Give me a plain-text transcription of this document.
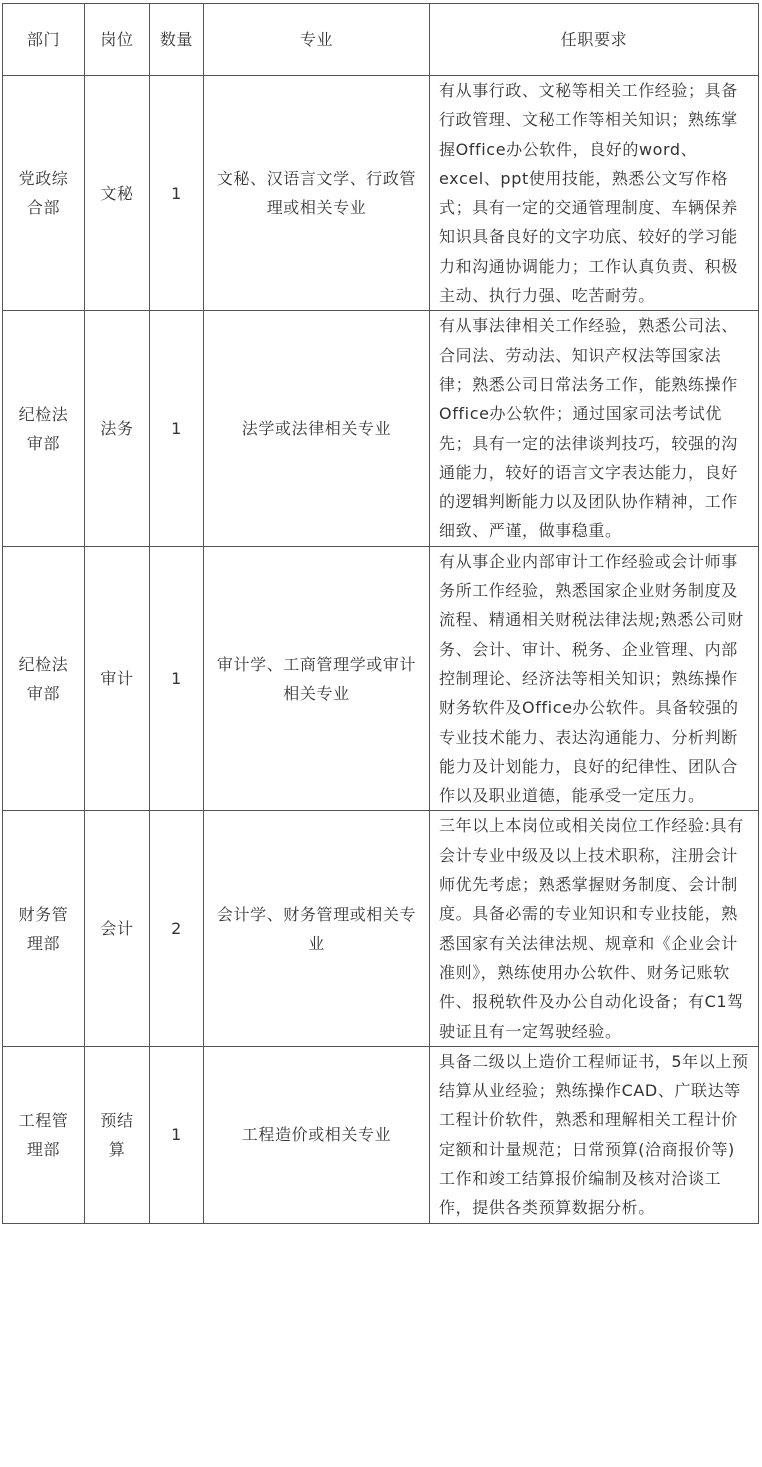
部门	岗位	数量	专业	任职要求
党政综合部	文秘	1	文秘、汉语言文学、行政管理或相关专业	有从事行政、文秘等相关工作经验；具备行政管理、文秘工作等相关知识；熟练掌握Office办公软件，良好的word、excel、ppt使用技能，熟悉公文写作格式；具有一定的交通管理制度、车辆保养知识具备良好的文字功底、较好的学习能力和沟通协调能力；工作认真负责、积极主动、执行力强、吃苦耐劳。
纪检法审部	法务	1	法学或法律相关专业	有从事法律相关工作经验，熟悉公司法、合同法、劳动法、知识产权法等国家法律；熟悉公司日常法务工作，能熟练操作Office办公软件；通过国家司法考试优先；具有一定的法律谈判技巧，较强的沟通能力，较好的语言文字表达能力，良好的逻辑判断能力以及团队协作精神，工作细致、严谨，做事稳重。
纪检法审部	审计	1	审计学、工商管理学或审计相关专业	有从事企业内部审计工作经验或会计师事务所工作经验，熟悉国家企业财务制度及流程、精通相关财税法律法规;熟悉公司财务、会计、审计、税务、企业管理、内部控制理论、经济法等相关知识；熟练操作财务软件及Office办公软件。具备较强的专业技术能力、表达沟通能力、分析判断能力及计划能力，良好的纪律性、团队合作以及职业道德，能承受一定压力。
财务管理部	会计	2	会计学、财务管理或相关专业	三年以上本岗位或相关岗位工作经验:具有会计专业中级及以上技术职称，注册会计师优先考虑；熟悉掌握财务制度、会计制度。具备必需的专业知识和专业技能，熟悉国家有关法律法规、规章和《企业会计准则》，熟练使用办公软件、财务记账软件、报税软件及办公自动化设备；有C1驾驶证且有一定驾驶经验。
工程管理部	预结算	1	工程造价或相关专业	具备二级以上造价工程师证书，5年以上预结算从业经验；熟练操作CAD、广联达等工程计价软件，熟悉和理解相关工程计价定额和计量规范；日常预算(洽商报价等)工作和竣工结算报价编制及核对洽谈工作，提供各类预算数据分析。
